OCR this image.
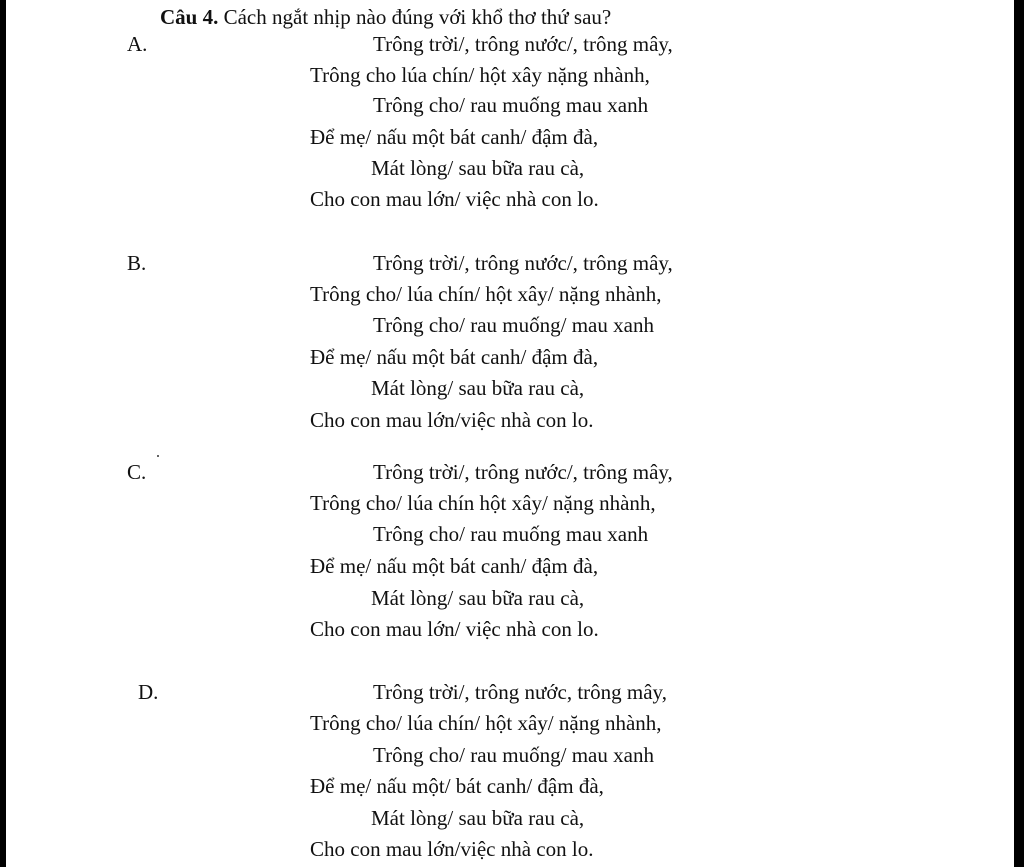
Câu 4. Cách ngắt nhịp nào đúng với khổ thơ thứ sau?
A.	Trông trời/, trông nước/, trông mây,
Trông cho lúa chín/ hột xây nặng nhành,
Trông cho/ rau muống mau xanh
Để mẹ/ nấu một bát canh/ đậm đà,
Mát lòng/ sau bữa rau cà,
Cho con mau lớn/ việc nhà con lo.
B.	Trông trời/, trông nước/, trông mây,
Trông cho/ lúa chín/ hột xây/ nặng nhành,
Trông cho/ rau muống/ mau xanh
Để mẹ/ nấu một bát canh/ đậm đà,
Mát lòng/ sau bữa rau cà,
Cho con mau lớn/việc nhà con lo.
C.	Trông trời/, trông nước/, trông mây,
Trông cho/ lúa chín hột xây/ nặng nhành,
Trông cho/ rau muống mau xanh
Để mẹ/ nấu một bát canh/ đậm đà,
Mát lòng/ sau bữa rau cà,
Cho con mau lớn/ việc nhà con lo.
D.	Trông trời/, trông nước, trông mây,
Trông cho/ lúa chín/ hột xây/ nặng nhành,
Trông cho/ rau muống/ mau xanh
Để mẹ/ nấu một/ bát canh/ đậm đà,
Mát lòng/ sau bữa rau cà,
Cho con mau lớn/việc nhà con lo.
